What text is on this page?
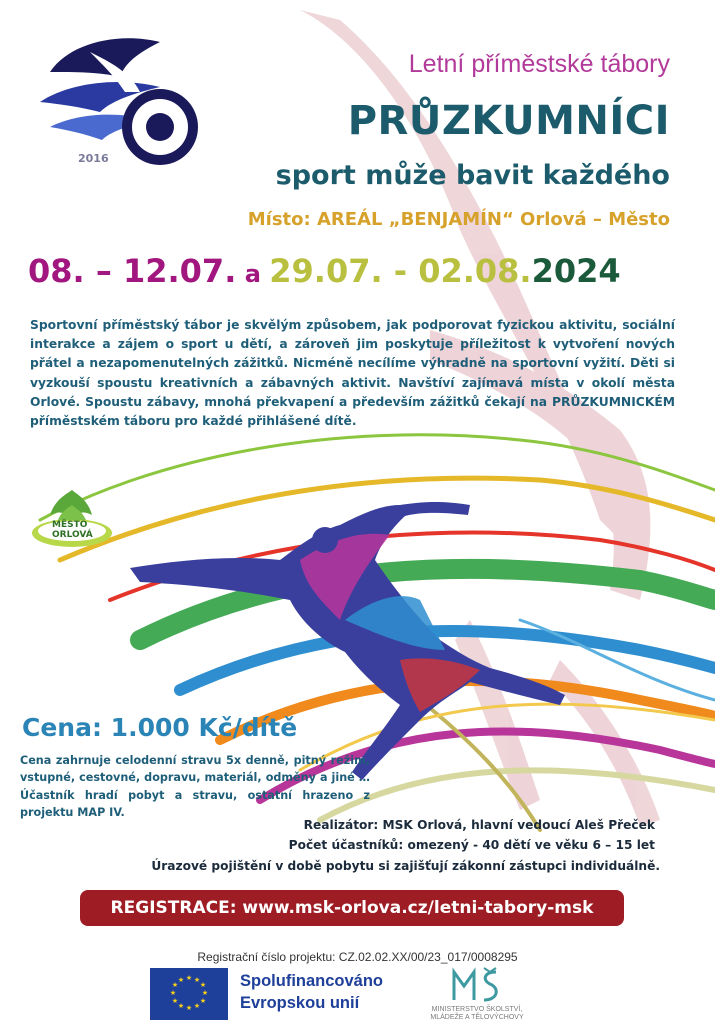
2016
MĚSTO
ORLOVÁ
Letní příměstské tábory
PRŮZKUMNÍCI
sport může bavit každého
Místo: AREÁL „BENJAMÍN“ Orlová – Město
08. – 12.07. a 29.07. - 02.08.2024
Sportovní příměstský tábor je skvělým způsobem, jak podporovat fyzickou aktivitu, sociální interakce a zájem o sport u dětí, a zároveň jim poskytuje příležitost k vytvoření nových přátel a nezapomenutelných zážitků. Nicméně necílíme výhradně na sportovní vyžití. Děti si vyzkouší spoustu kreativních a zábavných aktivit. Navštíví zajímavá místa v okolí města Orlové. Spoustu zábavy, mnohá překvapení a především zážitků čekají na PRŮZKUMNICKÉM příměstském táboru pro každé přihlášené dítě.
Cena: 1.000 Kč/dítě
Cena zahrnuje celodenní stravu 5x denně, pitný režim, vstupné, cestovné, dopravu, materiál, odměny a jiné … Účastník hradí pobyt a stravu, ostatní hrazeno z projektu MAP IV.
Realizátor: MSK Orlová, hlavní vedoucí Aleš Přeček
Počet účastníků: omezený - 40 dětí ve věku 6 – 15 let
Úrazové pojištění v době pobytu si zajišťují zákonní zástupci individuálně.
REGISTRACE: www.msk-orlova.cz/letni-tabory-msk
Registrační číslo projektu: CZ.02.02.XX/00/23_017/0008295
★ ★
★
★
★
★
★
★
★
★
★
★	Spolufinancováno
Evropskou unií	MINISTERSTVO ŠKOLSTVÍ,
MLÁDEŽE A TĚLOVÝCHOVY
